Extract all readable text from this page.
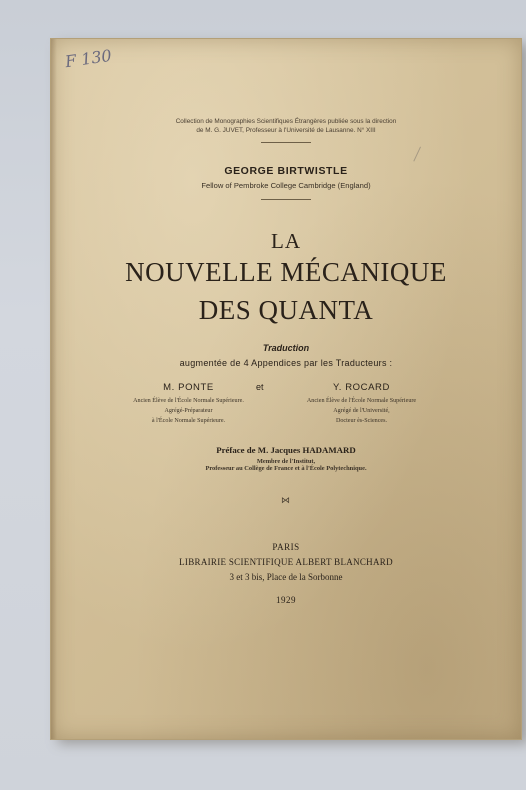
F 130
Collection de Monographies Scientifiques Étrangères publiée sous la direction
de M. G. JUVET, Professeur à l'Université de Lausanne. N° XIII
GEORGE BIRTWISTLE
Fellow of Pembroke College Cambridge (England)
LA
NOUVELLE MÉCANIQUE
DES QUANTA
Traduction
augmentée de 4 Appendices par les Traducteurs :
M. PONTE
Ancien Élève de l'École Normale Supérieure.
Agrégé-Préparateur
à l'École Normale Supérieure.
et	Y. ROCARD
Ancien Élève de l'École Normale Supérieure
Agrégé de l'Université,
Docteur ès-Sciences.
Préface de M. Jacques HADAMARD
Membre de l'Institut,
Professeur au Collège de France et à l'École Polytechnique.
⋈
PARIS
LIBRAIRIE SCIENTIFIQUE ALBERT BLANCHARD
3 et 3 bis, Place de la Sorbonne
1929
